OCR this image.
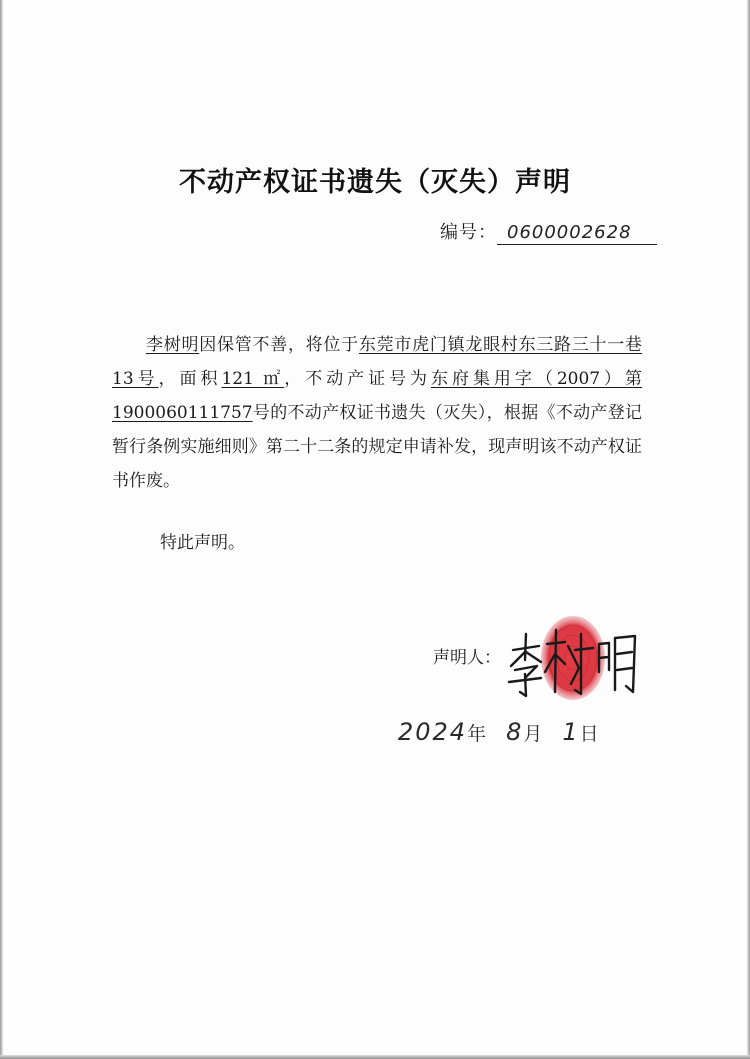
不动产权证书遗失（灭失）声明
编号： 0600002628

李树明因保管不善，将位于东莞市虎门镇龙眼村东三路三十一巷13号，面积121 ㎡，不动产证号为东府集用字（2007）第 1900060111757号的不动产权证书遗失（灭失），根据《不动产登记暂行条例实施细则》第二十二条的规定申请补发，现声明该不动产权证书作废。

特此声明。
声明人：
2024年 8月 1日
